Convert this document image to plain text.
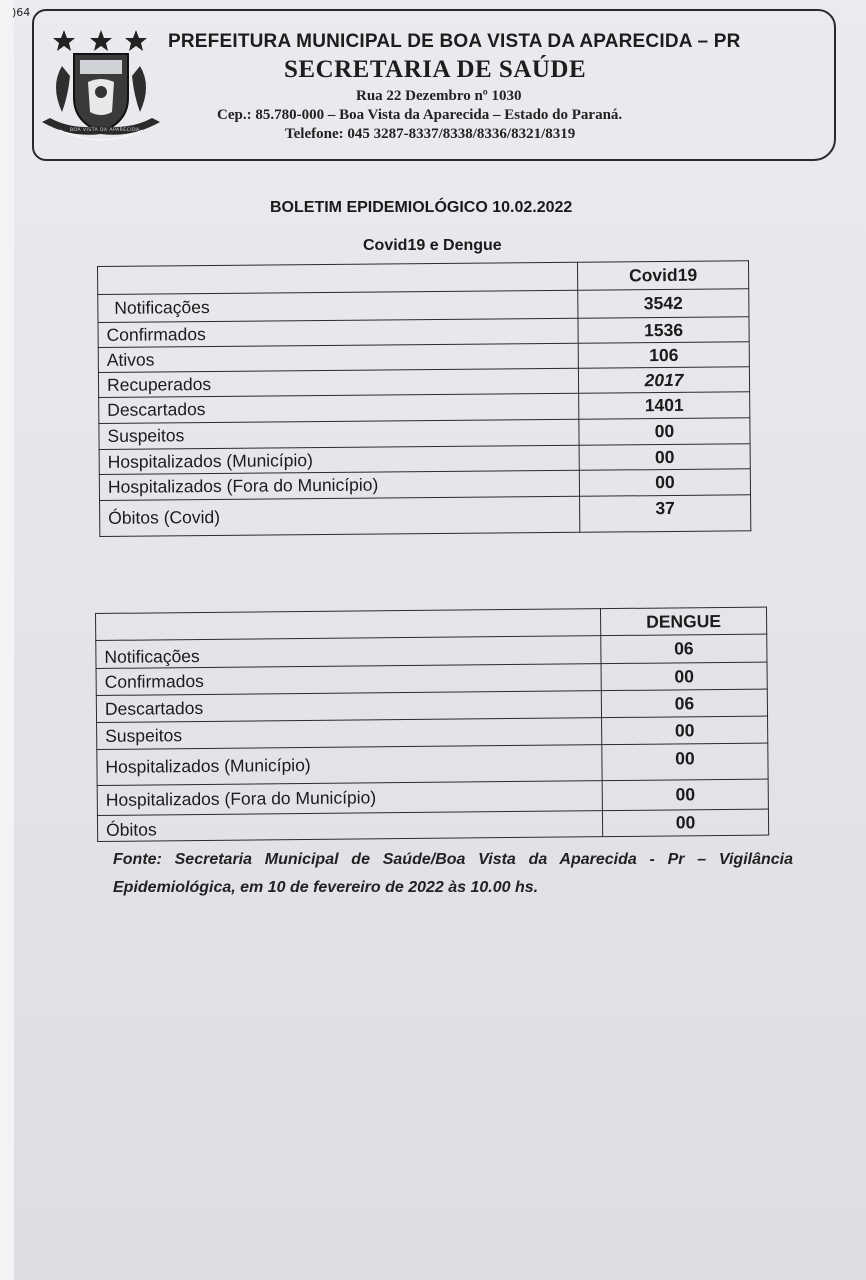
)64
BOA VISTA DA APARECIDA
PREFEITURA MUNICIPAL DE BOA VISTA DA APARECIDA – PR
SECRETARIA DE SAÚDE
Rua 22 Dezembro nº 1030
Cep.: 85.780-000 – Boa Vista da Aparecida – Estado do Paraná.
Telefone: 045 3287-8337/8338/8336/8321/8319
BOLETIM EPIDEMIOLÓGICO 10.02.2022
Covid19 e Dengue
	Covid19
Notificações	3542
Confirmados	1536
Ativos	106
Recuperados	2017
Descartados	1401
Suspeitos	00
Hospitalizados (Município)	00
Hospitalizados (Fora do Município)	00
Óbitos (Covid)	37
	DENGUE
Notificações	06
Confirmados	00
Descartados	06
Suspeitos	00
Hospitalizados (Município)	00
Hospitalizados (Fora do Município)	00
Óbitos	00
Fonte: Secretaria Municipal de Saúde/Boa Vista da Aparecida - Pr – Vigilância Epidemiológica, em 10 de fevereiro de 2022 às 10.00 hs.
